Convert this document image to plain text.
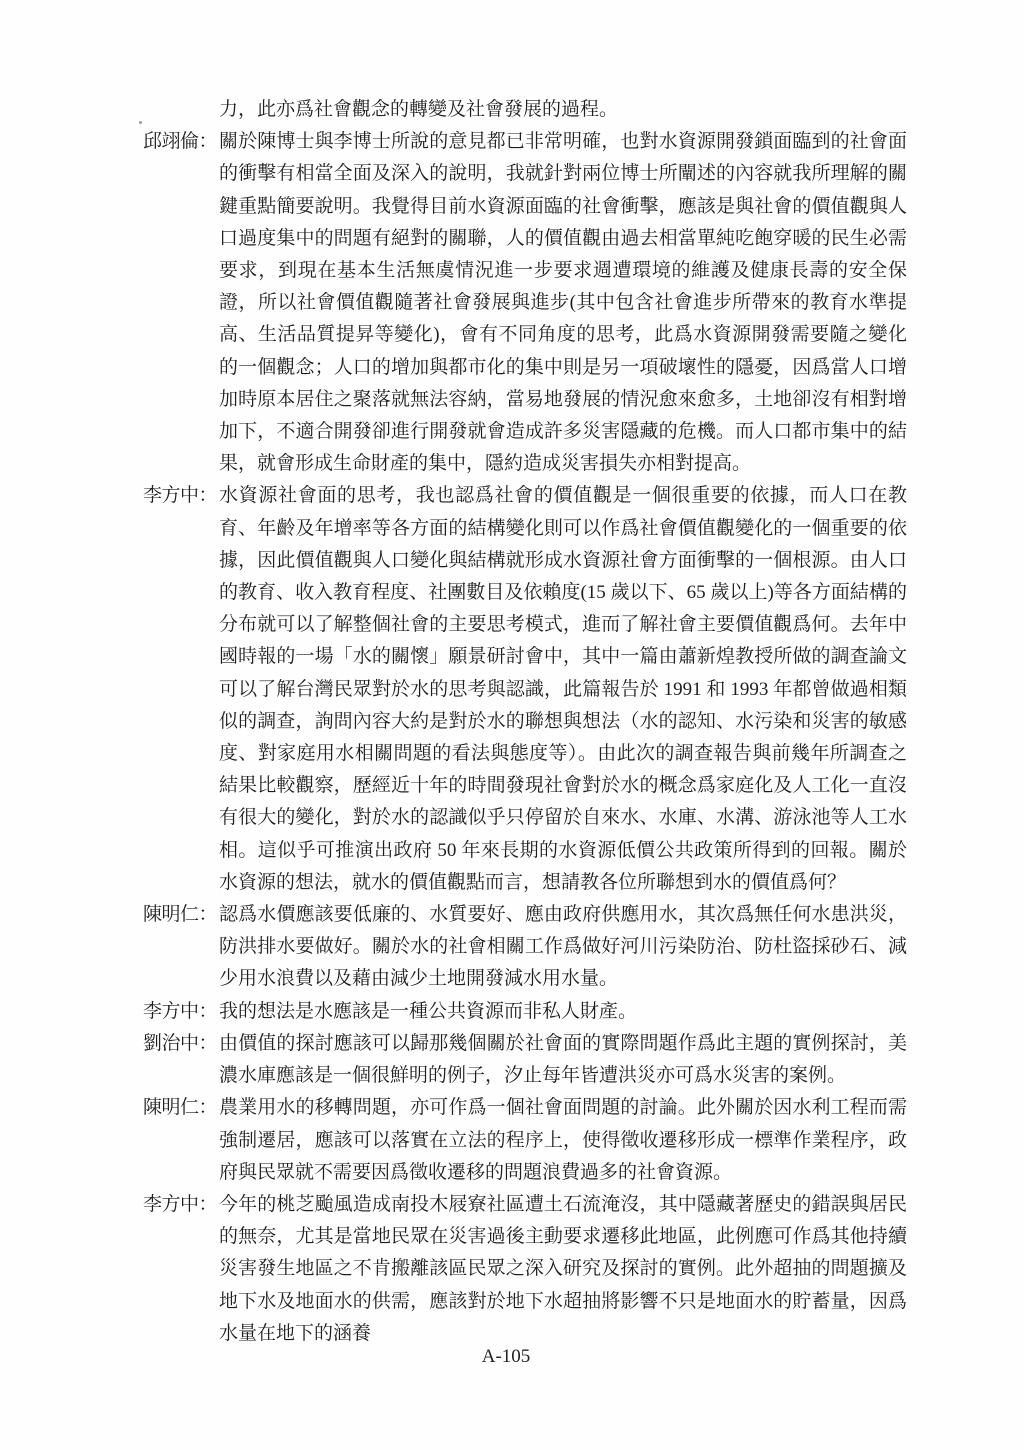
力，此亦爲社會觀念的轉變及社會發展的過程。
邱翊倫： 關於陳博士與李博士所說的意見都已非常明確，也對水資源開發鎖面臨到的社會面的衝擊有相當全面及深入的說明，我就針對兩位博士所闡述的內容就我所理解的關鍵重點簡要說明。我覺得目前水資源面臨的社會衝擊，應該是與社會的價值觀與人口過度集中的問題有絕對的關聯，人的價值觀由過去相當單純吃飽穿暖的民生必需要求，到現在基本生活無虞情況進一步要求週遭環境的維護及健康長壽的安全保證，所以社會價值觀隨著社會發展與進步(其中包含社會進步所帶來的教育水準提高、生活品質提昇等變化)，會有不同角度的思考，此爲水資源開發需要隨之變化的一個觀念；人口的增加與都市化的集中則是另一項破壞性的隱憂，因爲當人口增加時原本居住之聚落就無法容納，當易地發展的情況愈來愈多，土地卻沒有相對增加下，不適合開發卻進行開發就會造成許多災害隱藏的危機。而人口都市集中的結果，就會形成生命財產的集中，隱約造成災害損失亦相對提高。
李方中： 水資源社會面的思考，我也認爲社會的價值觀是一個很重要的依據，而人口在教育、年齡及年增率等各方面的結構變化則可以作爲社會價值觀變化的一個重要的依據，因此價值觀與人口變化與結構就形成水資源社會方面衝擊的一個根源。由人口的教育、收入教育程度、社團數目及依賴度(15 歲以下、65 歲以上)等各方面結構的分布就可以了解整個社會的主要思考模式，進而了解社會主要價值觀爲何。去年中國時報的一場「水的關懷」願景研討會中，其中一篇由蕭新煌教授所做的調查論文可以了解台灣民眾對於水的思考與認識，此篇報告於 1991 和 1993 年都曾做過相類似的調查，詢問內容大約是對於水的聯想與想法（水的認知、水污染和災害的敏感度、對家庭用水相關問題的看法與態度等）。由此次的調查報告與前幾年所調查之結果比較觀察，歷經近十年的時間發現社會對於水的概念爲家庭化及人工化一直沒有很大的變化，對於水的認識似乎只停留於自來水、水庫、水溝、游泳池等人工水相。這似乎可推演出政府 50 年來長期的水資源低價公共政策所得到的回報。關於水資源的想法，就水的價值觀點而言，想請教各位所聯想到水的價值爲何？
陳明仁： 認爲水價應該要低廉的、水質要好、應由政府供應用水，其次爲無任何水患洪災，防洪排水要做好。關於水的社會相關工作爲做好河川污染防治、防杜盜採砂石、減少用水浪費以及藉由減少土地開發減水用水量。
李方中： 我的想法是水應該是一種公共資源而非私人財產。
劉治中： 由價值的探討應該可以歸那幾個關於社會面的實際問題作爲此主題的實例探討，美濃水庫應該是一個很鮮明的例子，汐止每年皆遭洪災亦可爲水災害的案例。
陳明仁： 農業用水的移轉問題，亦可作爲一個社會面問題的討論。此外關於因水利工程而需強制遷居，應該可以落實在立法的程序上，使得徵收遷移形成一標準作業程序，政府與民眾就不需要因爲徵收遷移的問題浪費過多的社會資源。
李方中： 今年的桃芝颱風造成南投木屐寮社區遭土石流淹沒，其中隱藏著歷史的錯誤與居民的無奈，尤其是當地民眾在災害過後主動要求遷移此地區，此例應可作爲其他持續災害發生地區之不肯搬離該區民眾之深入研究及探討的實例。此外超抽的問題擴及地下水及地面水的供需，應該對於地下水超抽將影響不只是地面水的貯蓄量，因爲水量在地下的涵養
A-105
